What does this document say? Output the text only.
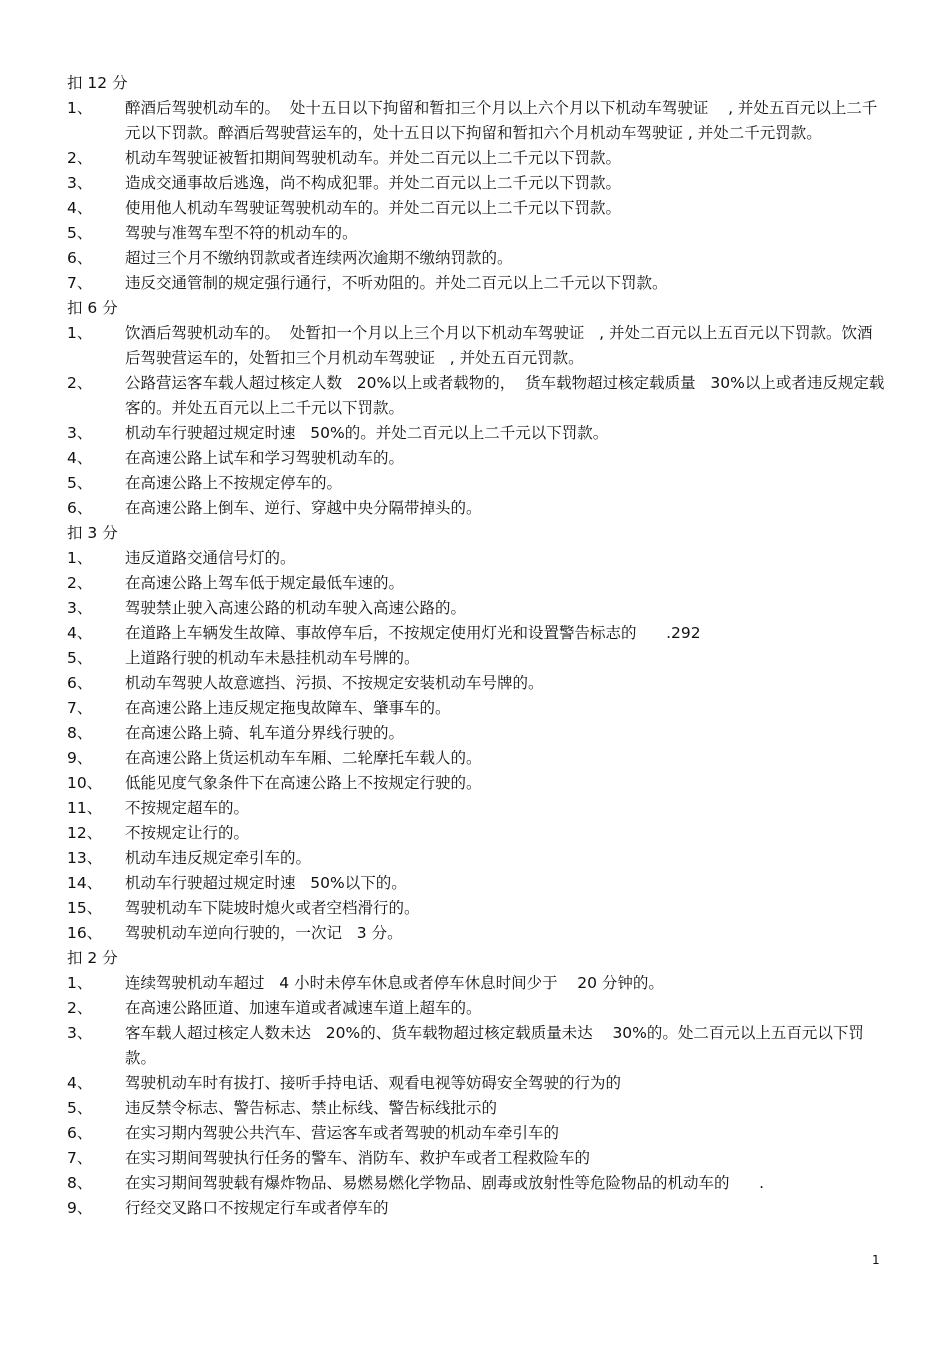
扣 12 分
1、	醉酒后驾驶机动车的。  处十五日以下拘留和暂扣三个月以上六个月以下机动车驾驶证    , 并处五百元以上二千元以下罚款。醉酒后驾驶营运车的，处十五日以下拘留和暂扣六个月机动车驾驶证 , 并处二千元罚款。
2、	机动车驾驶证被暂扣期间驾驶机动车。并处二百元以上二千元以下罚款。
3、	造成交通事故后逃逸，尚不构成犯罪。并处二百元以上二千元以下罚款。
4、	使用他人机动车驾驶证驾驶机动车的。并处二百元以上二千元以下罚款。
5、	驾驶与准驾车型不符的机动车的。
6、	超过三个月不缴纳罚款或者连续两次逾期不缴纳罚款的。
7、	违反交通管制的规定强行通行，不听劝阻的。并处二百元以上二千元以下罚款。
扣 6 分
1、	饮酒后驾驶机动车的。  处暂扣一个月以上三个月以下机动车驾驶证   , 并处二百元以上五百元以下罚款。饮酒后驾驶营运车的，处暂扣三个月机动车驾驶证   , 并处五百元罚款。
2、	公路营运客车载人超过核定人数   20%以上或者载物的，  货车载物超过核定载质量   30%以上或者违反规定载客的。并处五百元以上二千元以下罚款。
3、	机动车行驶超过规定时速   50%的。并处二百元以上二千元以下罚款。
4、	在高速公路上试车和学习驾驶机动车的。
5、	在高速公路上不按规定停车的。
6、	在高速公路上倒车、逆行、穿越中央分隔带掉头的。
扣 3 分
1、	违反道路交通信号灯的。
2、	在高速公路上驾车低于规定最低车速的。
3、	驾驶禁止驶入高速公路的机动车驶入高速公路的。
4、	在道路上车辆发生故障、事故停车后，不按规定使用灯光和设置警告标志的      .292
5、	上道路行驶的机动车未悬挂机动车号牌的。
6、	机动车驾驶人故意遮挡、污损、不按规定安装机动车号牌的。
7、	在高速公路上违反规定拖曳故障车、肇事车的。
8、	在高速公路上骑、轧车道分界线行驶的。
9、	在高速公路上货运机动车车厢、二轮摩托车载人的。
10、	低能见度气象条件下在高速公路上不按规定行驶的。
11、	不按规定超车的。
12、	不按规定让行的。
13、	机动车违反规定牵引车的。
14、	机动车行驶超过规定时速   50%以下的。
15、	驾驶机动车下陡坡时熄火或者空档滑行的。
16、	驾驶机动车逆向行驶的，一次记   3 分。
扣 2 分
1、	连续驾驶机动车超过   4 小时未停车休息或者停车休息时间少于    20 分钟的。
2、	在高速公路匝道、加速车道或者减速车道上超车的。
3、	客车载人超过核定人数未达   20%的、货车载物超过核定载质量未达    30%的。处二百元以上五百元以下罚款。
4、	驾驶机动车时有拔打、接听手持电话、观看电视等妨碍安全驾驶的行为的
5、	违反禁令标志、警告标志、禁止标线、警告标线批示的
6、	在实习期内驾驶公共汽车、营运客车或者驾驶的机动车牵引车的
7、	在实习期间驾驶执行任务的警车、消防车、救护车或者工程救险车的
8、	在实习期间驾驶载有爆炸物品、易燃易燃化学物品、剧毒或放射性等危险物品的机动车的      .
9、	行经交叉路口不按规定行车或者停车的
1
